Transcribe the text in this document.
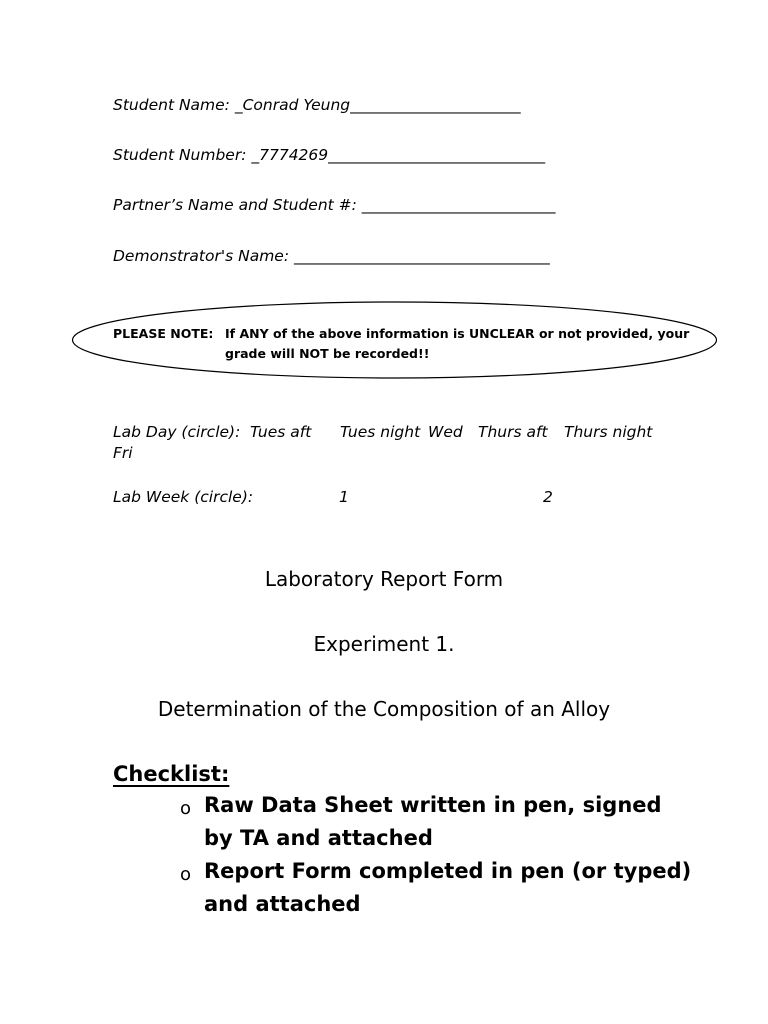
Student Name: _Conrad Yeung______________________
Student Number: _7774269____________________________
Partner’s Name and Student #: _________________________
Demonstrator's Name: _________________________________
PLEASE NOTE: If ANY of the above information is UNCLEAR or not provided, your
grade will NOT be recorded!!
Lab Day (circle): Tues aft Tues night Wed Thurs aft Thurs night
Fri
Lab Week (circle):	1	2
Laboratory Report Form
Experiment 1.
Determination of the Composition of an Alloy
Checklist:
o Raw Data Sheet written in pen, signed
by TA and attached
o Report Form completed in pen (or typed)
and attached
